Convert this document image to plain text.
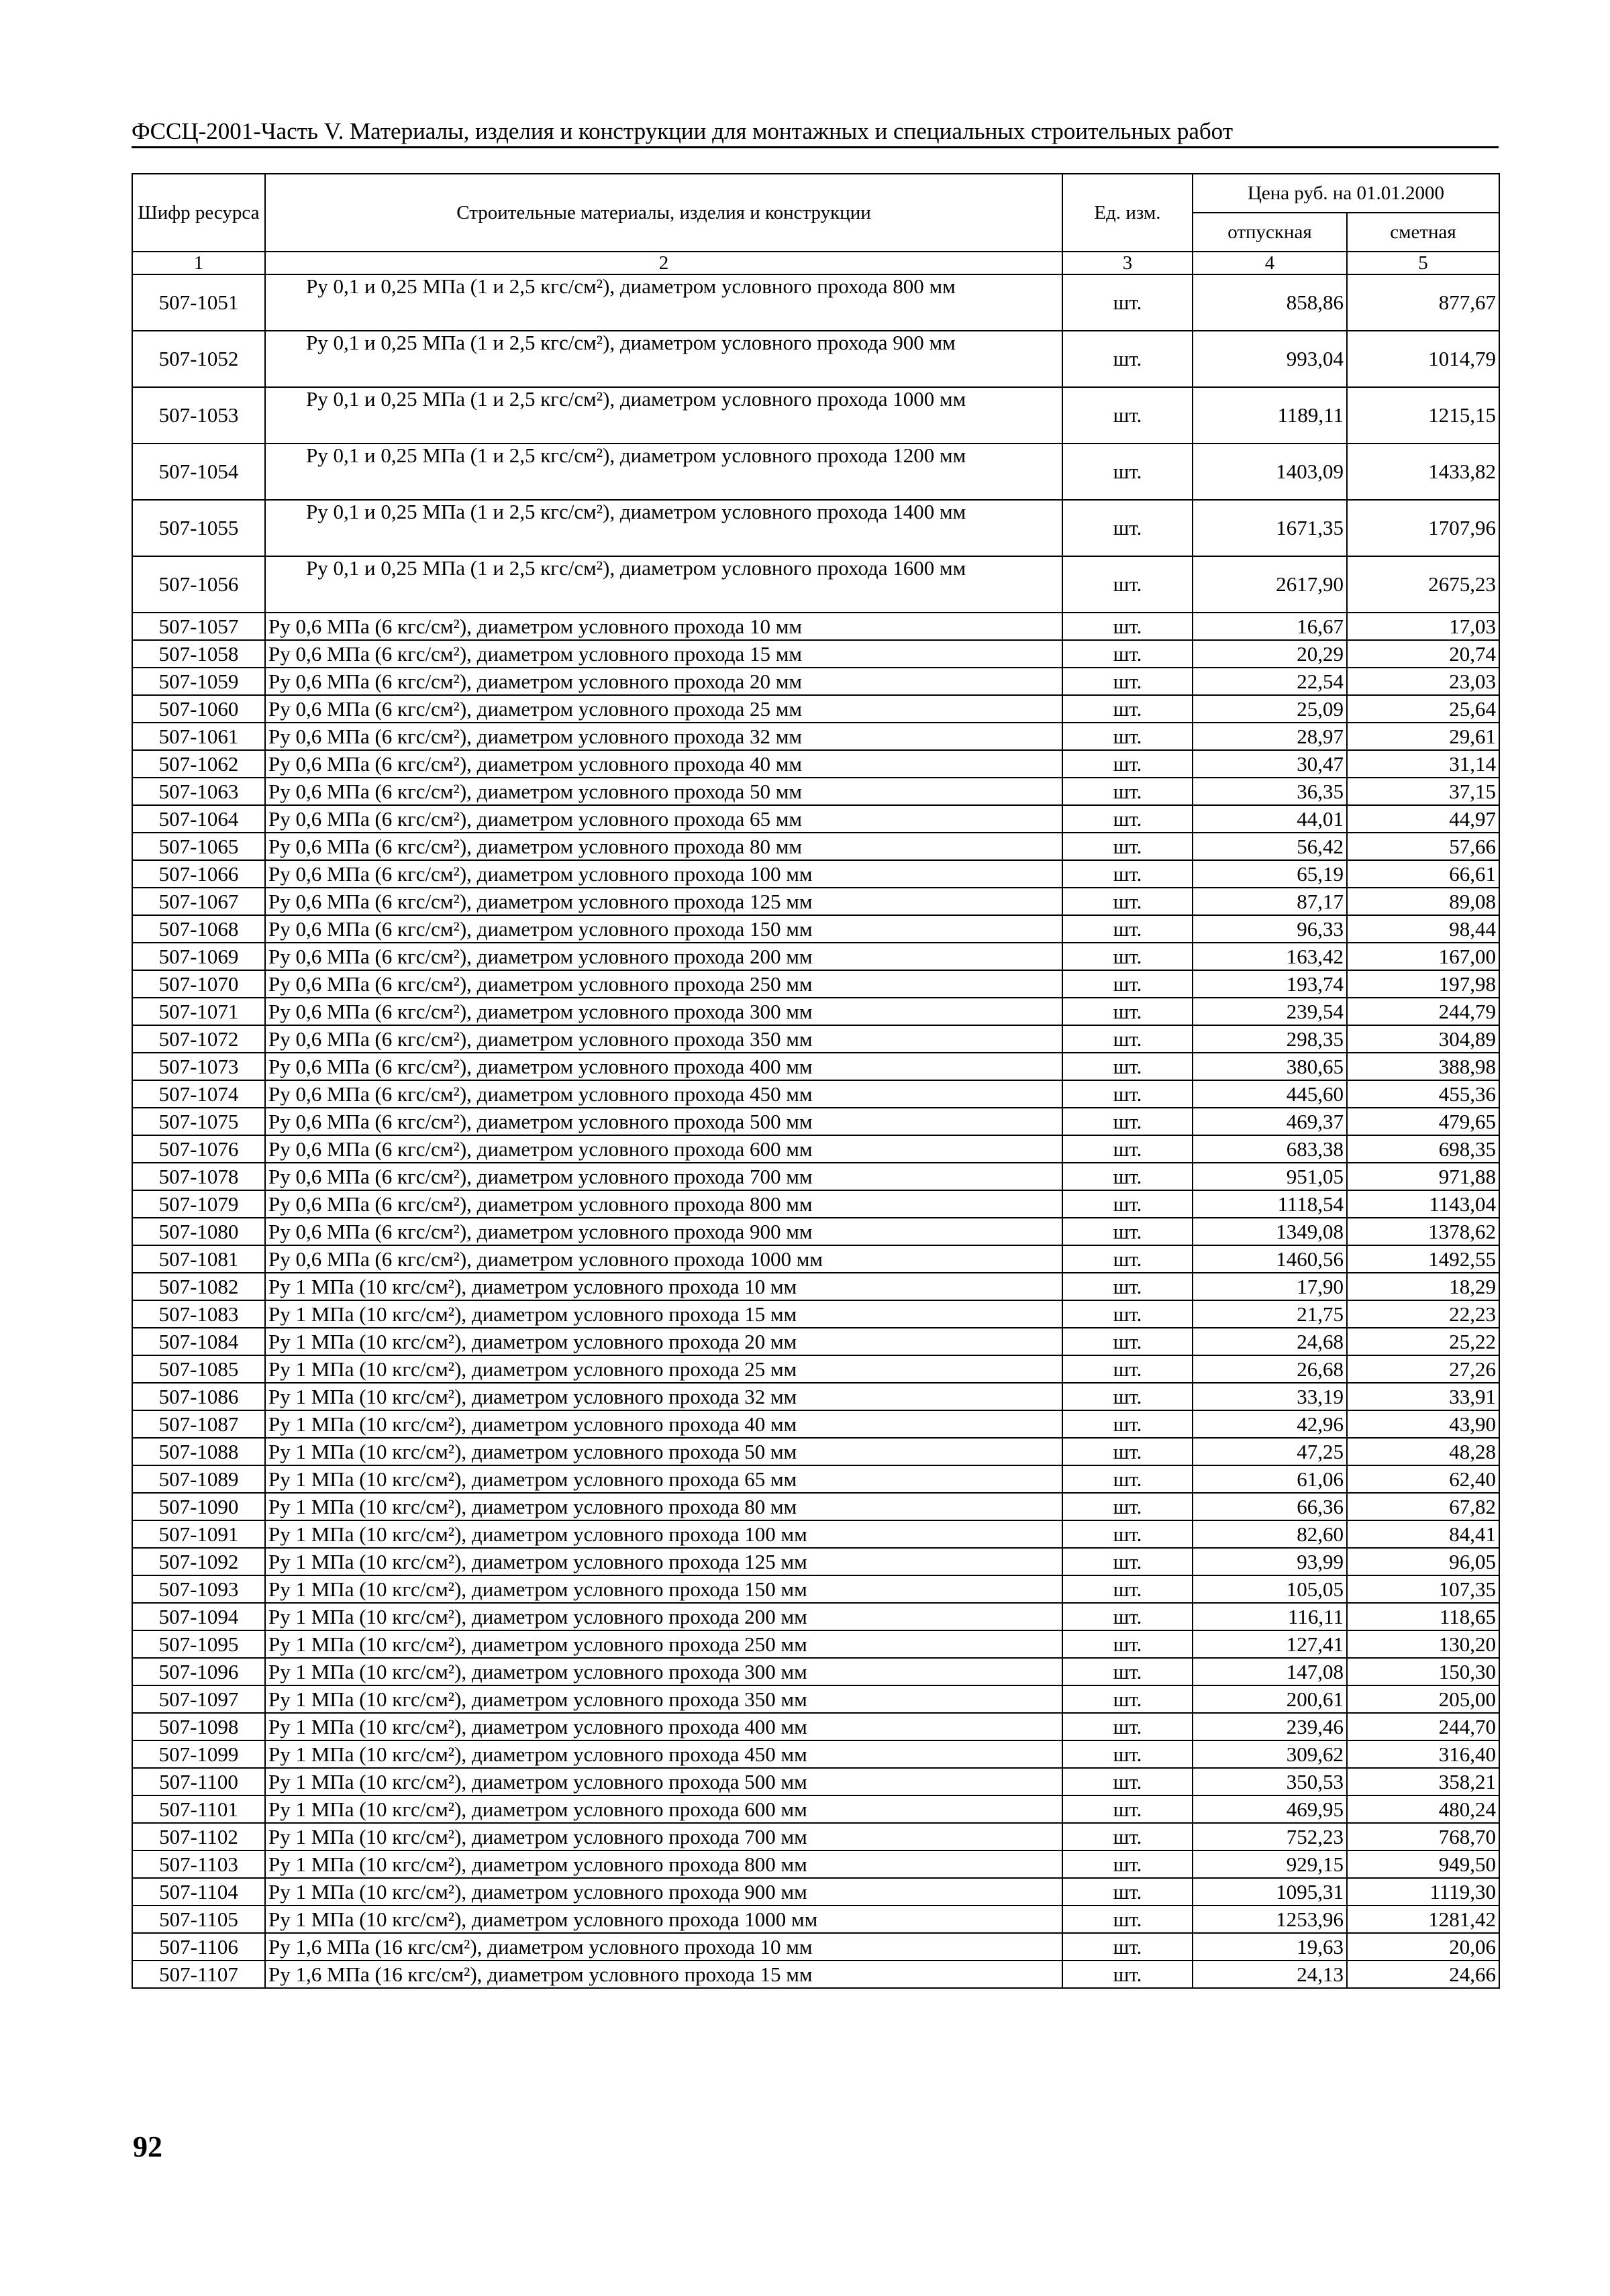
ФССЦ-2001-Часть V. Материалы, изделия и конструкции для монтажных и специальных строительных работ
Шифр ресурса	Строительные материалы, изделия и конструкции	Ед. изм.	Цена руб. на 01.01.2000	
			отпускная	сметная
1	2	3	4	5
507-1051	Ру 0,1 и 0,25 МПа (1 и 2,5 кгс/см²), диаметром условного прохода 800 мм	шт.	858,86	877,67
507-1052	Ру 0,1 и 0,25 МПа (1 и 2,5 кгс/см²), диаметром условного прохода 900 мм	шт.	993,04	1014,79
507-1053	Ру 0,1 и 0,25 МПа (1 и 2,5 кгс/см²), диаметром условного прохода 1000 мм	шт.	1189,11	1215,15
507-1054	Ру 0,1 и 0,25 МПа (1 и 2,5 кгс/см²), диаметром условного прохода 1200 мм	шт.	1403,09	1433,82
507-1055	Ру 0,1 и 0,25 МПа (1 и 2,5 кгс/см²), диаметром условного прохода 1400 мм	шт.	1671,35	1707,96
507-1056	Ру 0,1 и 0,25 МПа (1 и 2,5 кгс/см²), диаметром условного прохода 1600 мм	шт.	2617,90	2675,23
507-1057	Ру 0,6 МПа (6 кгс/см²), диаметром условного прохода 10 мм	шт.	16,67	17,03
507-1058	Ру 0,6 МПа (6 кгс/см²), диаметром условного прохода 15 мм	шт.	20,29	20,74
507-1059	Ру 0,6 МПа (6 кгс/см²), диаметром условного прохода 20 мм	шт.	22,54	23,03
507-1060	Ру 0,6 МПа (6 кгс/см²), диаметром условного прохода 25 мм	шт.	25,09	25,64
507-1061	Ру 0,6 МПа (6 кгс/см²), диаметром условного прохода 32 мм	шт.	28,97	29,61
507-1062	Ру 0,6 МПа (6 кгс/см²), диаметром условного прохода 40 мм	шт.	30,47	31,14
507-1063	Ру 0,6 МПа (6 кгс/см²), диаметром условного прохода 50 мм	шт.	36,35	37,15
507-1064	Ру 0,6 МПа (6 кгс/см²), диаметром условного прохода 65 мм	шт.	44,01	44,97
507-1065	Ру 0,6 МПа (6 кгс/см²), диаметром условного прохода 80 мм	шт.	56,42	57,66
507-1066	Ру 0,6 МПа (6 кгс/см²), диаметром условного прохода 100 мм	шт.	65,19	66,61
507-1067	Ру 0,6 МПа (6 кгс/см²), диаметром условного прохода 125 мм	шт.	87,17	89,08
507-1068	Ру 0,6 МПа (6 кгс/см²), диаметром условного прохода 150 мм	шт.	96,33	98,44
507-1069	Ру 0,6 МПа (6 кгс/см²), диаметром условного прохода 200 мм	шт.	163,42	167,00
507-1070	Ру 0,6 МПа (6 кгс/см²), диаметром условного прохода 250 мм	шт.	193,74	197,98
507-1071	Ру 0,6 МПа (6 кгс/см²), диаметром условного прохода 300 мм	шт.	239,54	244,79
507-1072	Ру 0,6 МПа (6 кгс/см²), диаметром условного прохода 350 мм	шт.	298,35	304,89
507-1073	Ру 0,6 МПа (6 кгс/см²), диаметром условного прохода 400 мм	шт.	380,65	388,98
507-1074	Ру 0,6 МПа (6 кгс/см²), диаметром условного прохода 450 мм	шт.	445,60	455,36
507-1075	Ру 0,6 МПа (6 кгс/см²), диаметром условного прохода 500 мм	шт.	469,37	479,65
507-1076	Ру 0,6 МПа (6 кгс/см²), диаметром условного прохода 600 мм	шт.	683,38	698,35
507-1078	Ру 0,6 МПа (6 кгс/см²), диаметром условного прохода 700 мм	шт.	951,05	971,88
507-1079	Ру 0,6 МПа (6 кгс/см²), диаметром условного прохода 800 мм	шт.	1118,54	1143,04
507-1080	Ру 0,6 МПа (6 кгс/см²), диаметром условного прохода 900 мм	шт.	1349,08	1378,62
507-1081	Ру 0,6 МПа (6 кгс/см²), диаметром условного прохода 1000 мм	шт.	1460,56	1492,55
507-1082	Ру 1 МПа (10 кгс/см²), диаметром условного прохода 10 мм	шт.	17,90	18,29
507-1083	Ру 1 МПа (10 кгс/см²), диаметром условного прохода 15 мм	шт.	21,75	22,23
507-1084	Ру 1 МПа (10 кгс/см²), диаметром условного прохода 20 мм	шт.	24,68	25,22
507-1085	Ру 1 МПа (10 кгс/см²), диаметром условного прохода 25 мм	шт.	26,68	27,26
507-1086	Ру 1 МПа (10 кгс/см²), диаметром условного прохода 32 мм	шт.	33,19	33,91
507-1087	Ру 1 МПа (10 кгс/см²), диаметром условного прохода 40 мм	шт.	42,96	43,90
507-1088	Ру 1 МПа (10 кгс/см²), диаметром условного прохода 50 мм	шт.	47,25	48,28
507-1089	Ру 1 МПа (10 кгс/см²), диаметром условного прохода 65 мм	шт.	61,06	62,40
507-1090	Ру 1 МПа (10 кгс/см²), диаметром условного прохода 80 мм	шт.	66,36	67,82
507-1091	Ру 1 МПа (10 кгс/см²), диаметром условного прохода 100 мм	шт.	82,60	84,41
507-1092	Ру 1 МПа (10 кгс/см²), диаметром условного прохода 125 мм	шт.	93,99	96,05
507-1093	Ру 1 МПа (10 кгс/см²), диаметром условного прохода 150 мм	шт.	105,05	107,35
507-1094	Ру 1 МПа (10 кгс/см²), диаметром условного прохода 200 мм	шт.	116,11	118,65
507-1095	Ру 1 МПа (10 кгс/см²), диаметром условного прохода 250 мм	шт.	127,41	130,20
507-1096	Ру 1 МПа (10 кгс/см²), диаметром условного прохода 300 мм	шт.	147,08	150,30
507-1097	Ру 1 МПа (10 кгс/см²), диаметром условного прохода 350 мм	шт.	200,61	205,00
507-1098	Ру 1 МПа (10 кгс/см²), диаметром условного прохода 400 мм	шт.	239,46	244,70
507-1099	Ру 1 МПа (10 кгс/см²), диаметром условного прохода 450 мм	шт.	309,62	316,40
507-1100	Ру 1 МПа (10 кгс/см²), диаметром условного прохода 500 мм	шт.	350,53	358,21
507-1101	Ру 1 МПа (10 кгс/см²), диаметром условного прохода 600 мм	шт.	469,95	480,24
507-1102	Ру 1 МПа (10 кгс/см²), диаметром условного прохода 700 мм	шт.	752,23	768,70
507-1103	Ру 1 МПа (10 кгс/см²), диаметром условного прохода 800 мм	шт.	929,15	949,50
507-1104	Ру 1 МПа (10 кгс/см²), диаметром условного прохода 900 мм	шт.	1095,31	1119,30
507-1105	Ру 1 МПа (10 кгс/см²), диаметром условного прохода 1000 мм	шт.	1253,96	1281,42
507-1106	Ру 1,6 МПа (16 кгс/см²), диаметром условного прохода 10 мм	шт.	19,63	20,06
507-1107	Ру 1,6 МПа (16 кгс/см²), диаметром условного прохода 15 мм	шт.	24,13	24,66
92
